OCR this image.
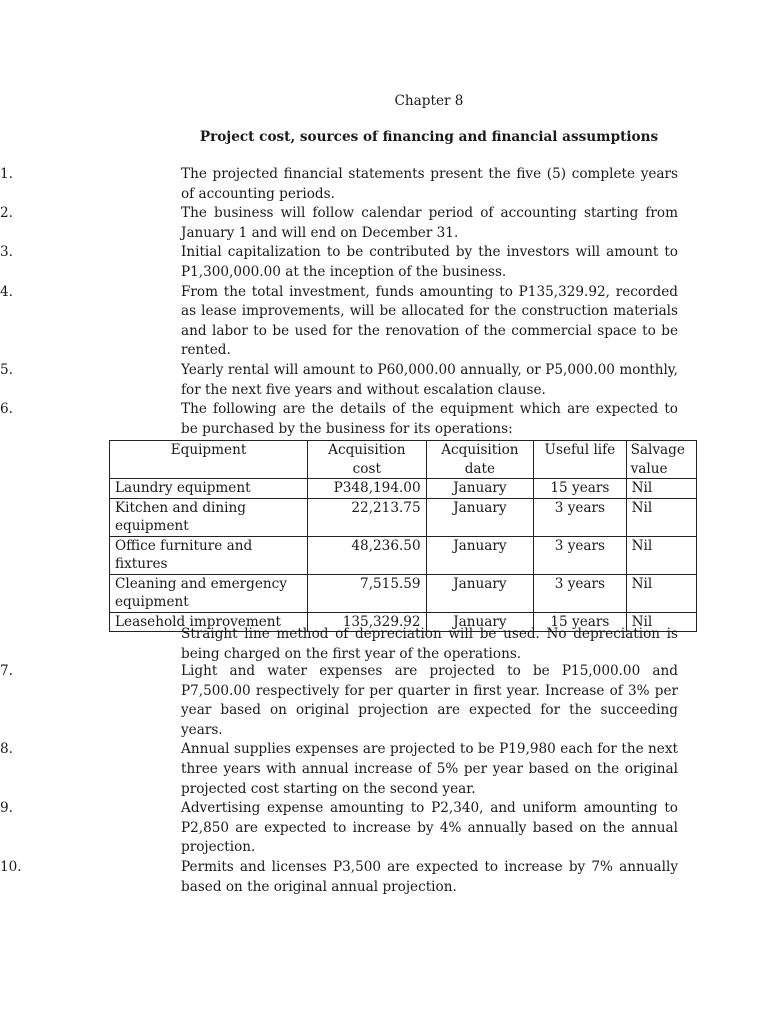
Chapter 8
Project cost, sources of financing and financial assumptions
1.	The projected financial statements present the five (5) complete years of accounting periods.
2.	The business will follow calendar period of accounting starting from January 1 and will end on December 31.
3.	Initial capitalization to be contributed by the investors will amount to P1,300,000.00 at the inception of the business.
4.	From the total investment, funds amounting to P135,329.92, recorded as lease improvements, will be allocated for the construction materials and labor to be used for the renovation of the commercial space to be rented.
5.	Yearly rental will amount to P60,000.00 annually, or P5,000.00 monthly, for the next five years and without escalation clause.
6.	The following are the details of the equipment which are expected to be purchased by the business for its operations:
Equipment	Acquisition cost	Acquisition date	Useful life	Salvage value
Laundry equipment	P348,194.00	January	15 years	Nil
Kitchen and dining equipment	22,213.75	January	3 years	Nil
Office furniture and fixtures	48,236.50	January	3 years	Nil
Cleaning and emergency equipment	7,515.59	January	3 years	Nil
Leasehold improvement	135,329.92	January	15 years	Nil
Straight line method of depreciation will be used. No depreciation is being charged on the first year of the operations.
7.	Light and water expenses are projected to be P15,000.00 and P7,500.00 respectively for per quarter in first year. Increase of 3% per year based on original projection are expected for the succeeding years.
8.	Annual supplies expenses are projected to be P19,980 each for the next three years with annual increase of 5% per year based on the original projected cost starting on the second year.
9.	Advertising expense amounting to P2,340, and uniform amounting to P2,850 are expected to increase by 4% annually based on the annual projection.
10.	Permits and licenses P3,500 are expected to increase by 7% annually based on the original annual projection.
